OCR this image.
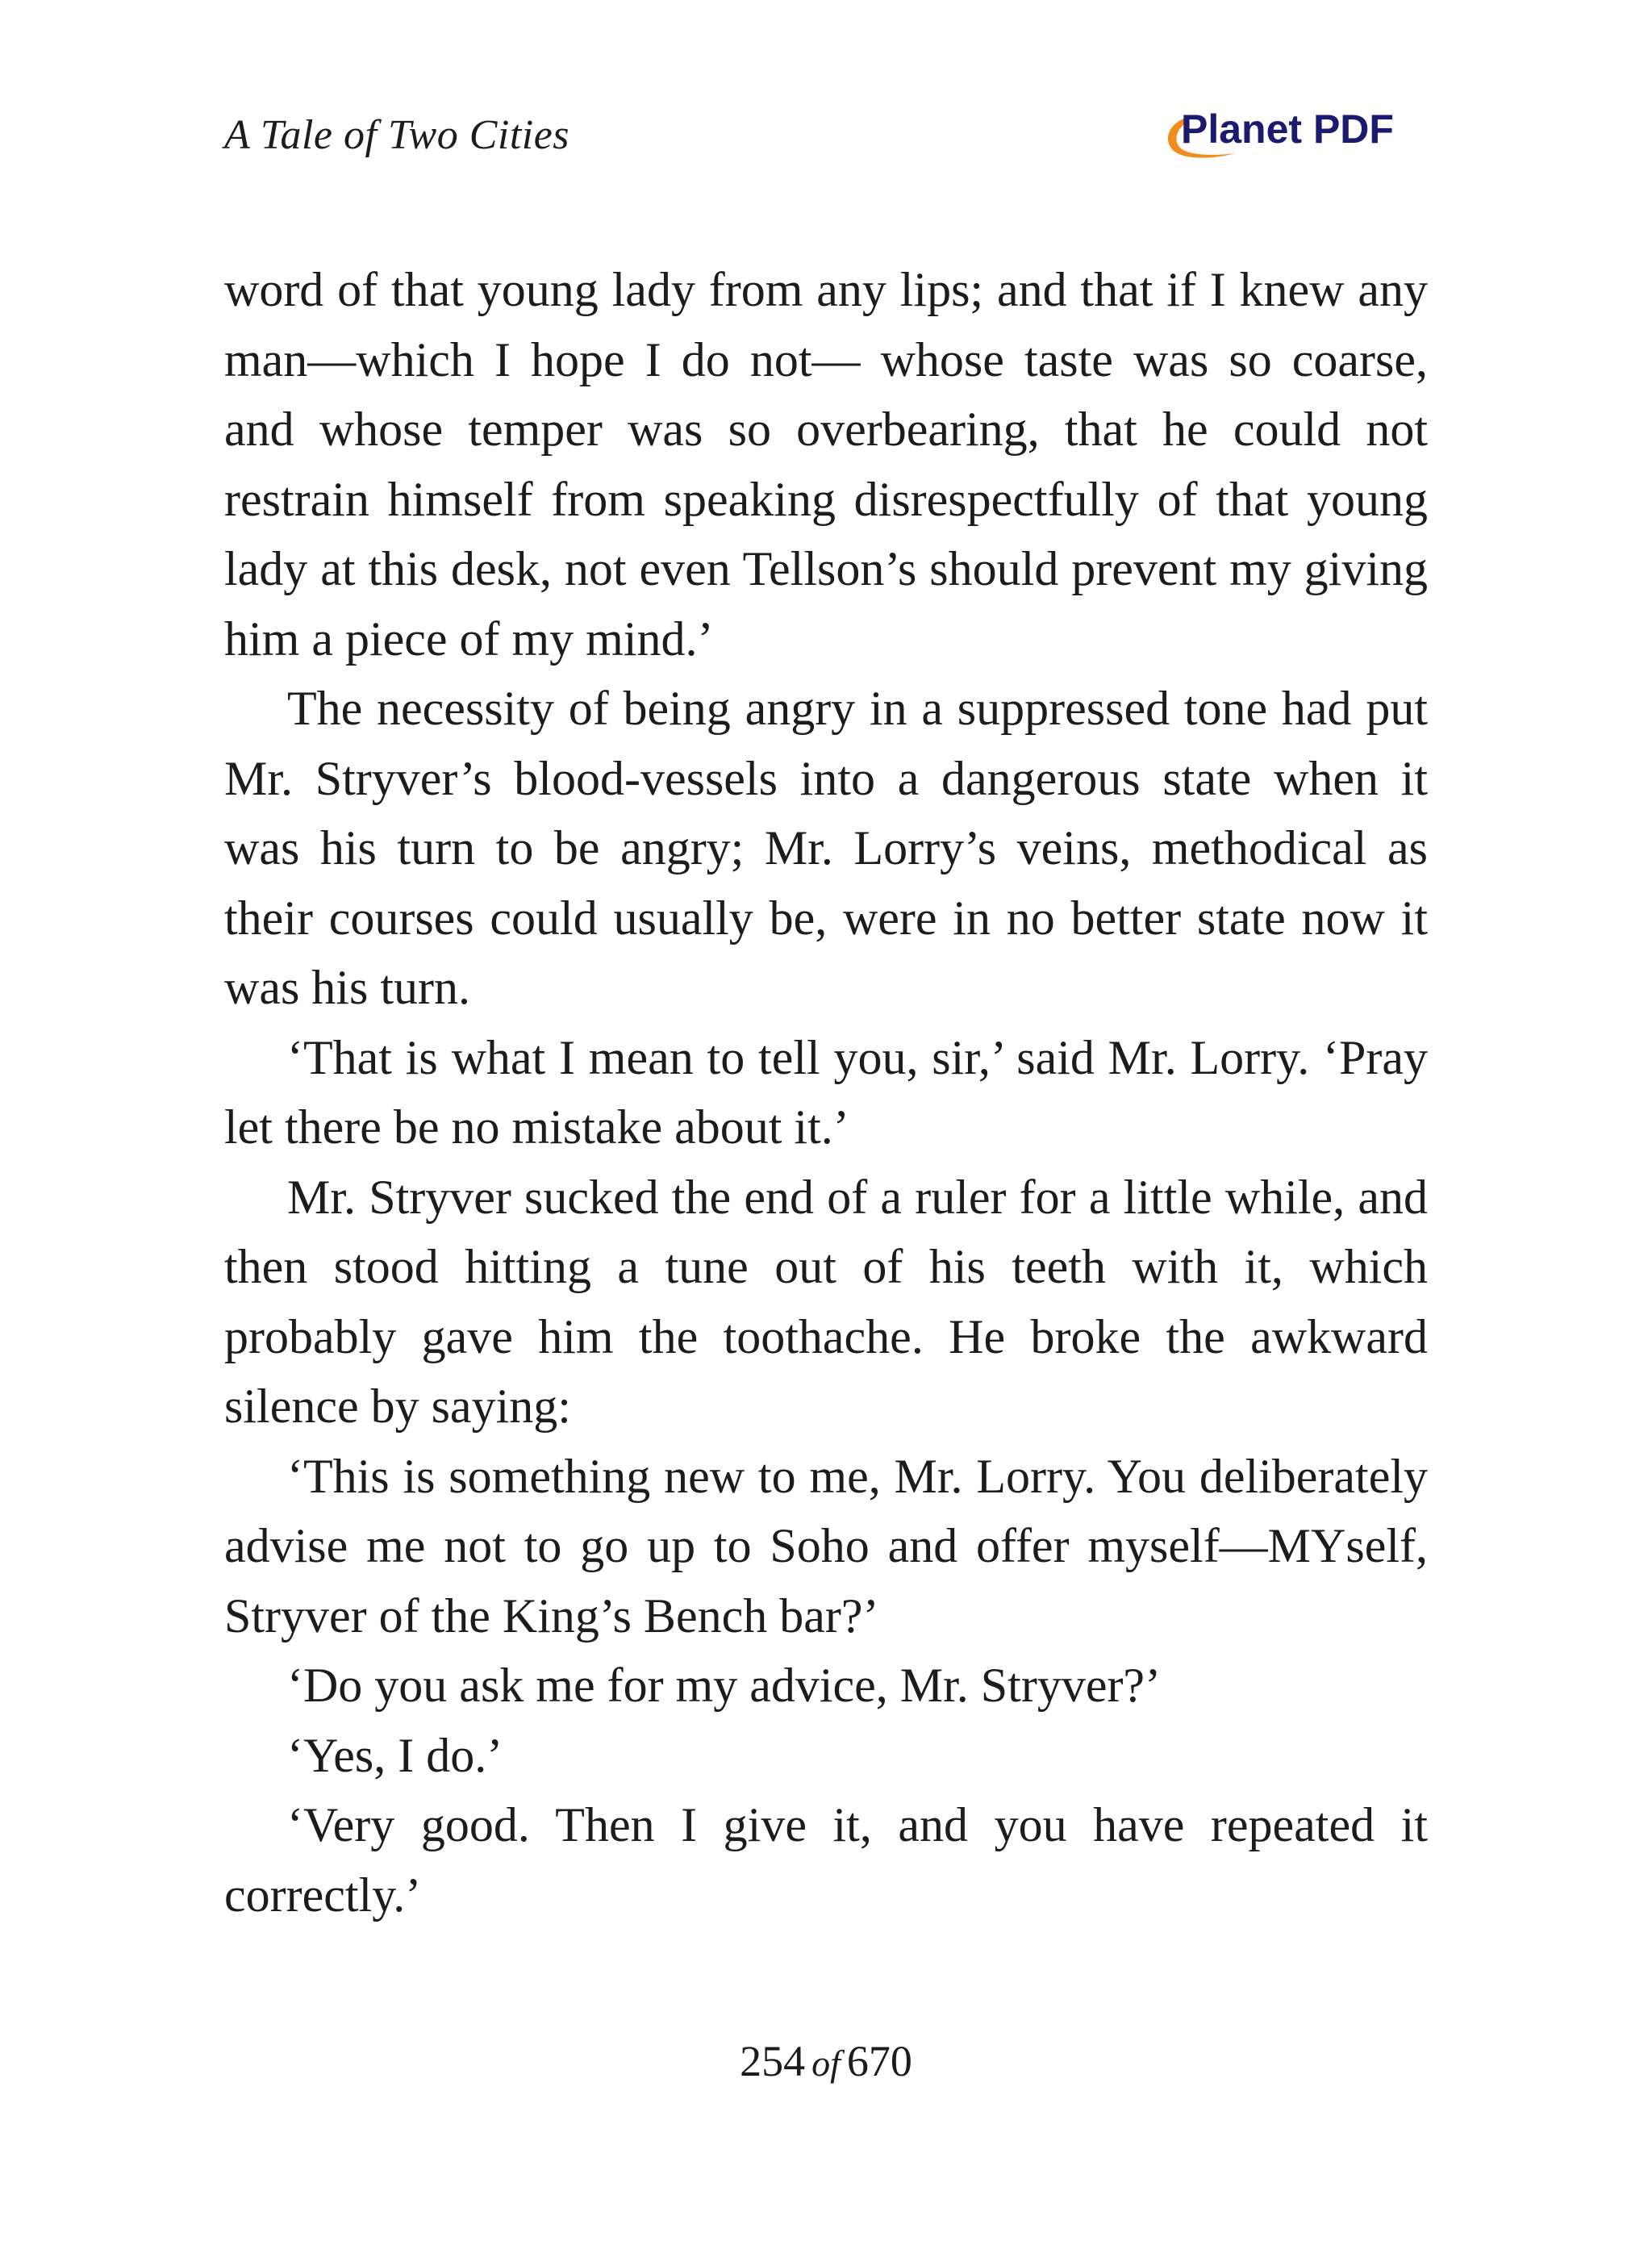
A Tale of Two Cities	Planet PDF

word of that young lady from any lips; and that if I knew any man—which I hope I do not— whose taste was so coarse, and whose temper was so overbearing, that he could not restrain himself from speaking disrespectfully of that young lady at this desk, not even Tellson’s should prevent my giving him a piece of my mind.’

The necessity of being angry in a suppressed tone had put Mr. Stryver’s blood-vessels into a dangerous state when it was his turn to be angry; Mr. Lorry’s veins, methodical as their courses could usually be, were in no better state now it was his turn.

‘That is what I mean to tell you, sir,’ said Mr. Lorry. ‘Pray let there be no mistake about it.’

Mr. Stryver sucked the end of a ruler for a little while, and then stood hitting a tune out of his teeth with it, which probably gave him the toothache. He broke the awkward silence by saying:

‘This is something new to me, Mr. Lorry. You deliberately advise me not to go up to Soho and offer myself—MYself, Stryver of the King’s Bench bar?’

‘Do you ask me for my advice, Mr. Stryver?’

‘Yes, I do.’

‘Very good. Then I give it, and you have repeated it correctly.’

254 of 670
